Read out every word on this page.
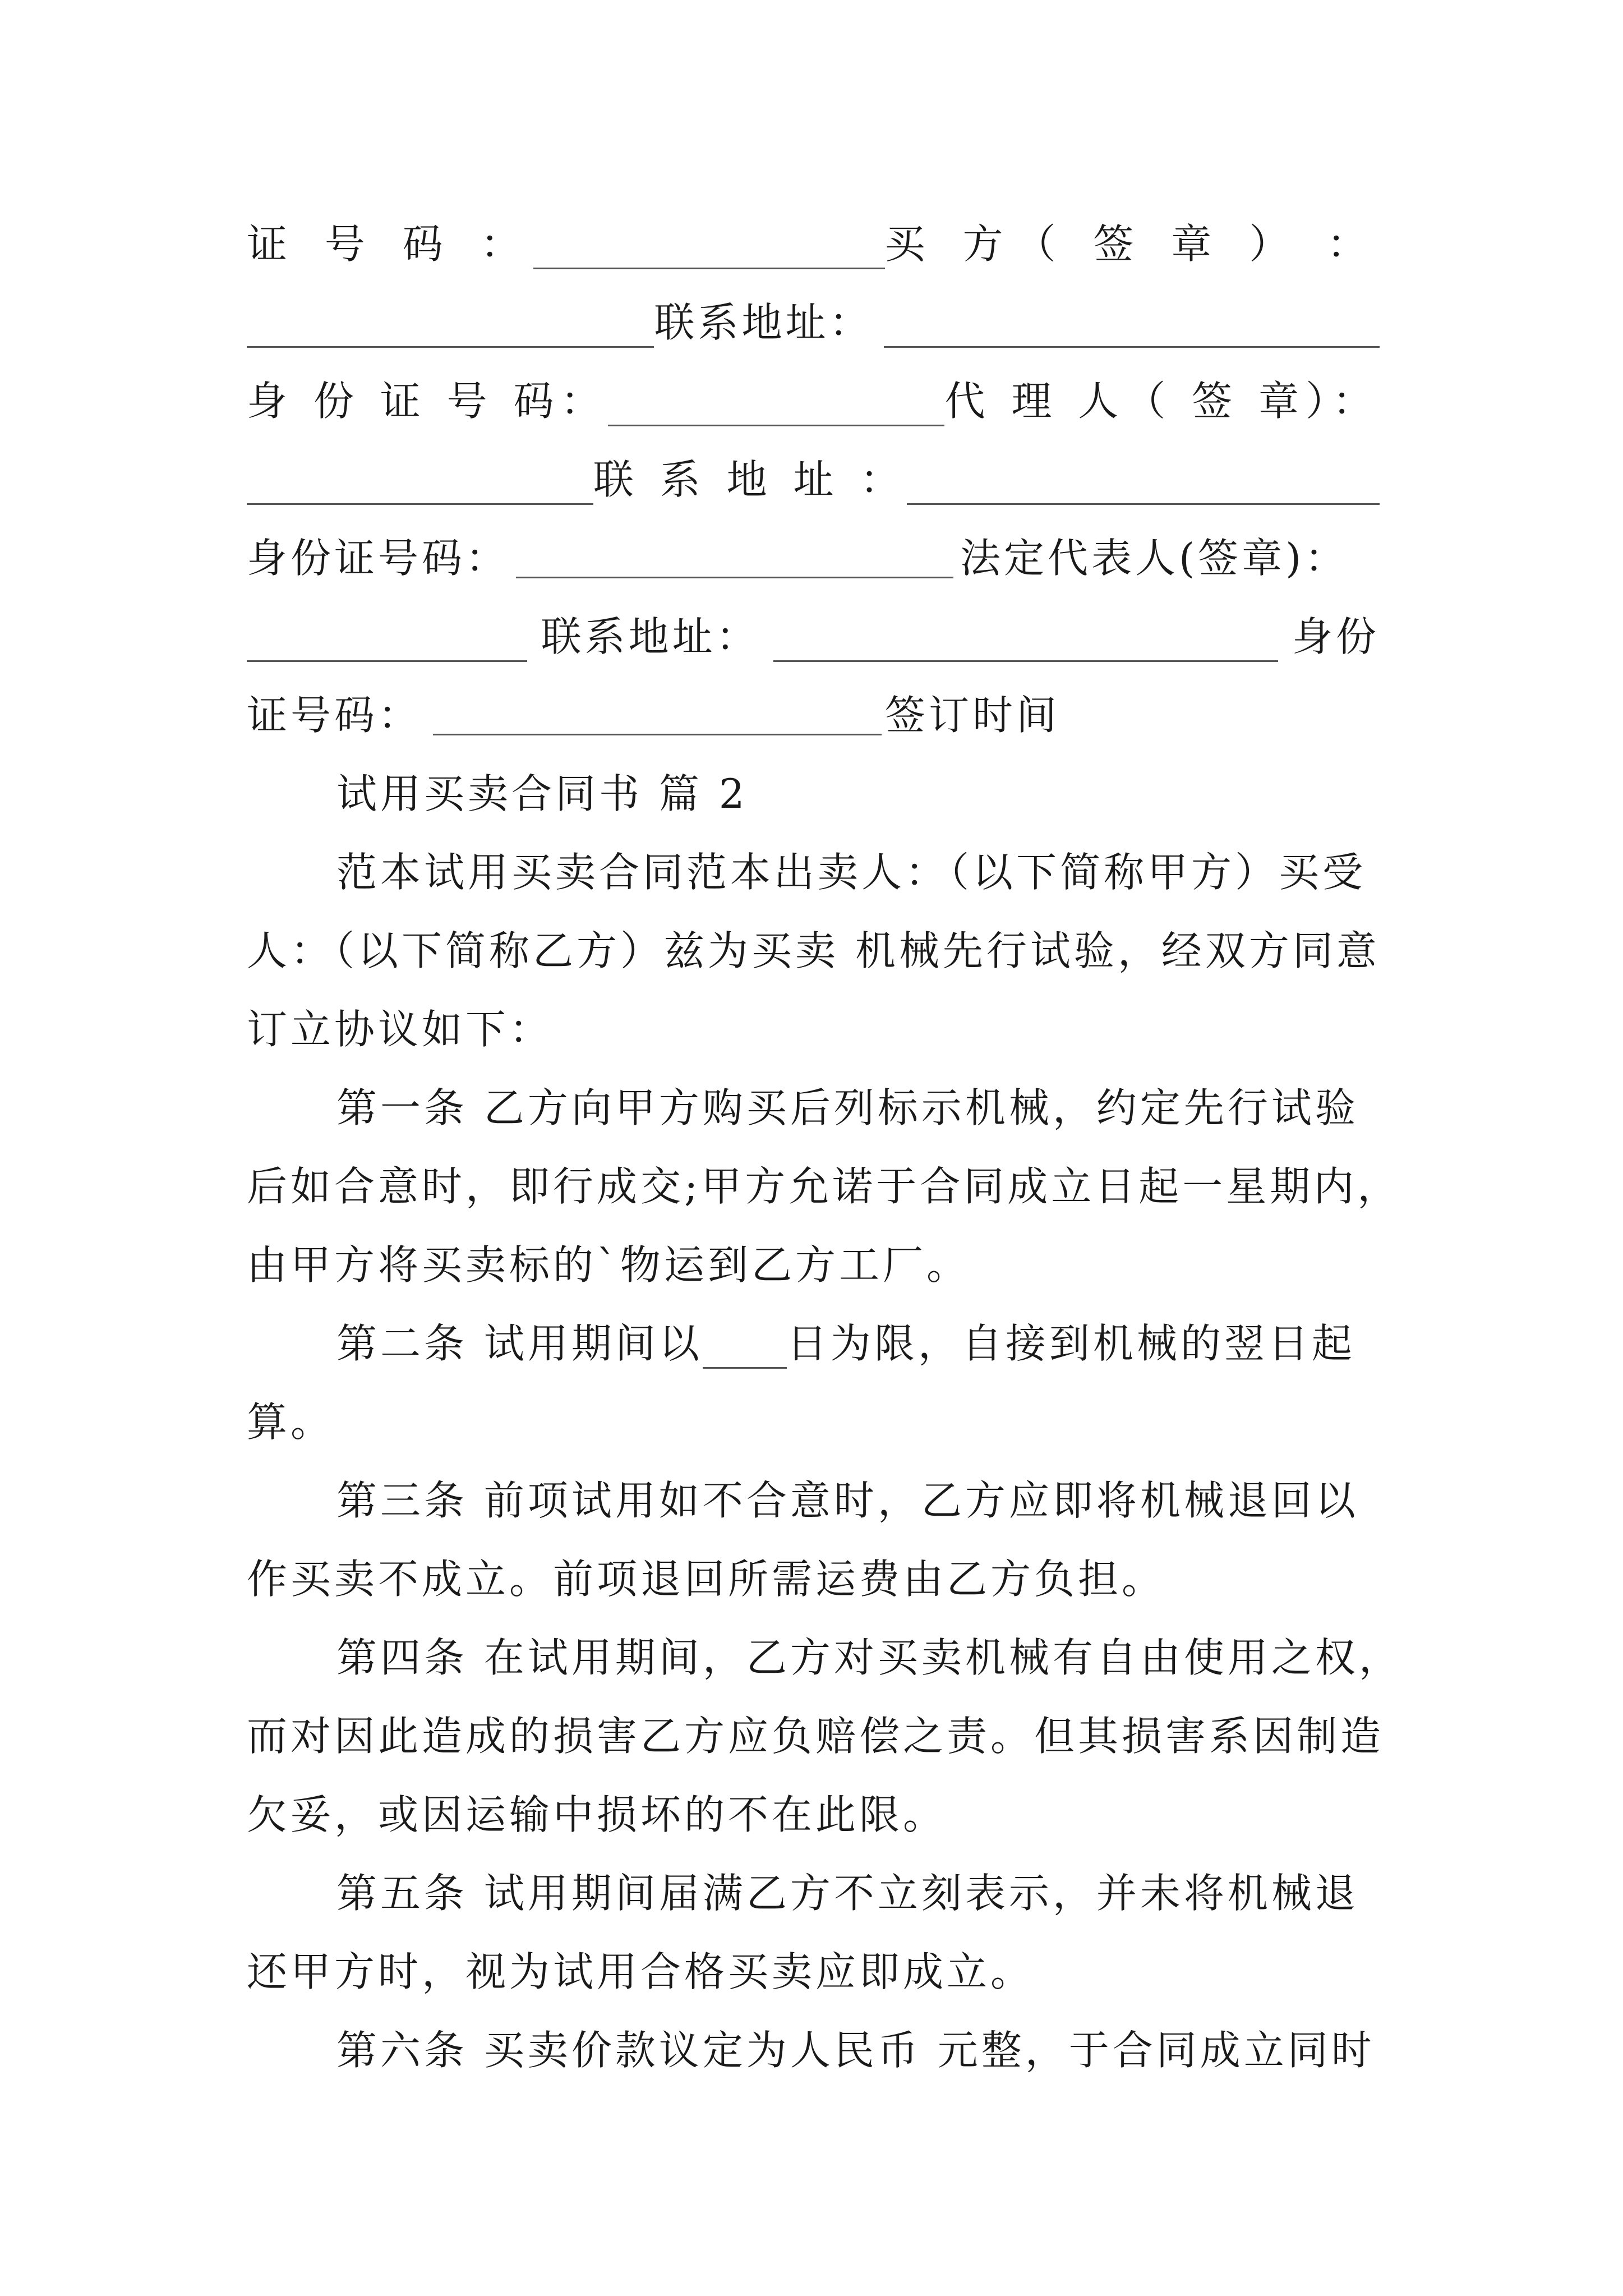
证 号 码 ：	买 方（ 签 章 ） ：
联系地址：
身 份 证 号 码：	代 理 人（ 签 章）：
联 系 地 址 ：
身份证号码：	法定代表人(签章)：
联系地址：	身份
证号码：	签订时间
试用买卖合同书 篇 2
范本试用买卖合同范本出卖人：（以下简称甲方）买受
人：（以下简称乙方）兹为买卖 机械先行试验，经双方同意
订立协议如下：
第一条 乙方向甲方购买后列标示机械，约定先行试验
后如合意时，即行成交;甲方允诺于合同成立日起一星期内，
由甲方将买卖标的`物运到乙方工厂。
第二条 试用期间以 日为限，自接到机械的翌日起
算。
第三条 前项试用如不合意时，乙方应即将机械退回以
作买卖不成立。前项退回所需运费由乙方负担。
第四条 在试用期间，乙方对买卖机械有自由使用之权，
而对因此造成的损害乙方应负赔偿之责。但其损害系因制造
欠妥，或因运输中损坏的不在此限。
第五条 试用期间届满乙方不立刻表示，并未将机械退
还甲方时，视为试用合格买卖应即成立。
第六条 买卖价款议定为人民币 元整，于合同成立同时
